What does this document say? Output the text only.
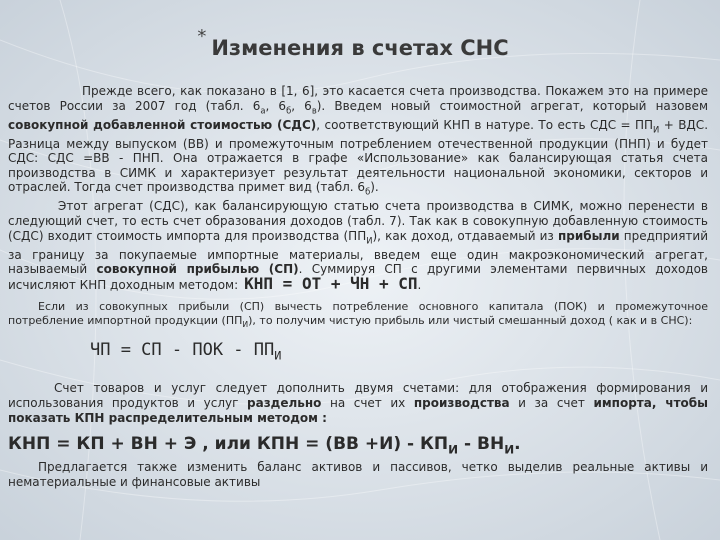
* Изменения в счетах СНС

Прежде всего, как показано в [1, 6], это касается счета производства. Покажем это на примере счетов России за 2007 год (табл. $6_а$, $6_б$, $6_в$). Введем новый стоимостной агрегат, который назовем совокупной добавленной стоимостью (СДС), соответствующий КНП в натуре. То есть СДС = $ПП_И$ + ВДС. Разница между выпуском (ВВ) и промежуточным потреблением отечественной продукции (ПНП) и будет СДС: СДС =ВВ - ПНП. Она отражается в графе «Использование» как балансирующая статья счета производства в СИМК и характеризует результат деятельности национальной экономики, секторов и отраслей. Тогда счет производства примет вид (табл. $6_б$).

Этот агрегат (СДС), как балансирующую статью счета производства в СИМК, можно перенести в следующий счет, то есть счет образования доходов (табл. 7). Так как в совокупную добавленную стоимость (СДС) входит стоимость импорта для производства $(ПП_И)$, как доход, отдаваемый из прибыли предприятий за границу за покупаемые импортные материалы, введем еще один макроэкономический агрегат, называемый совокупной прибылью (СП). Суммируя СП с другими элементами первичных доходов исчисляют КНП доходным методом: КНП = ОТ + ЧН + СП.

Если из совокупных прибыли (СП) вычесть потребление основного капитала (ПОК) и промежуточное потребление импортной продукции $(ПП_И)$, то получим чистую прибыль или чистый смешанный доход ( как и в СНС):

ЧП = СП - ПОК - $ПП_И$

Счет товаров и услуг следует дополнить двумя счетами: для отображения формирования и использования продуктов и услуг раздельно на счет их производства и за счет импорта, чтобы показать КПН распределительным методом :

КНП = КП + ВН + Э , или КПН = $(ВВ +И) - КП_И - ВН_И$.

Предлагается также изменить баланс активов и пассивов, четко выделив реальные активы и нематериальные и финансовые активы
